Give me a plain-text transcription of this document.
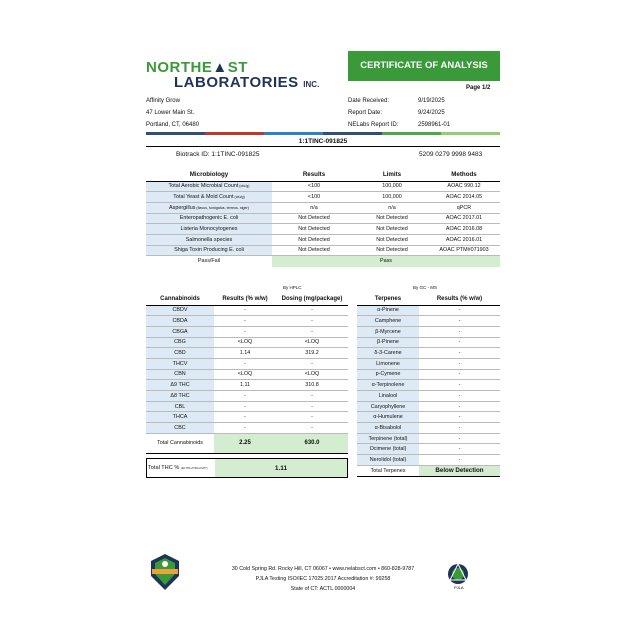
NORTHE▲ST
LABORATORIES INC.
CERTIFICATE OF ANALYSIS
Page 1/2
Affinity Grow
47 Lower Main St.
Portland, CT, 06480
Date Received:	9/19/2025
Report Date:	9/24/2025
NELabs Report ID:	2598961-01
1:1TINC-091825
Biotrack ID: 1:1TINC-091825	5209 0279 9998 9483
Microbiology	Results	Limits	Methods
Total Aerobic Microbial Count (cfu/g)	<100	100,000	AOAC 990.12
Total Yeast & Mold Count (cfu/g)	<100	100,000	AOAC 2014.05
Aspergillus (flavus, fumigatus, terreus, niger)	n/a	n/a	qPCR
Enteropathogenic E. coli	Not Detected	Not Detected	AOAC 2017.01
Listeria Monocytogenes	Not Detected	Not Detected	AOAC 2016.08
Salmonella species	Not Detected	Not Detected	AOAC 2016.01
Shiga Toxin Producing E. coli	Not Detected	Not Detected	AOAC PTM#071903
Pass/Fail	Pass		
By HPLC	By GC - MS
Cannabinoids	Results (% w/w)	Dosing (mg/package)
CBDV	-	-
CBDA	-	-
CBGA	-	-
CBG	<LOQ	<LOQ
CBD	1.14	319.2
THCV	-	-
CBN	<LOQ	<LOQ
Δ9 THC	1.11	310.8
Δ8 THC	-	-
CBL	-	-
THCA	-	-
CBC	-	-
Total Cannabinoids	2.25	630.0
Total THC %
(Δ9 THC+THCA×0.877)	1.11
Terpenes	Results (% w/w)
α-Pinene	-
Camphene	-
β-Myrcene	-
β-Pinene	-
δ-3-Carene	-
Limonene	-
p-Cymene	-
α-Terpinolene	-
Linalool	-
Caryophyllene	-
α-Humulene	-
α-Bisabolol	-
Terpinene (total)	-
Ocimene (total)	-
Nerolidol (total)	-
Total Terpenes	Below Detection
30 Cold Spring Rd. Rocky Hill, CT 06067 • www.nelabsct.com • 860-828-9787
PJLA Testing ISO/IEC 17025:2017 Accreditation #: 99258
State of CT: ACTL.0000004	PJLA
